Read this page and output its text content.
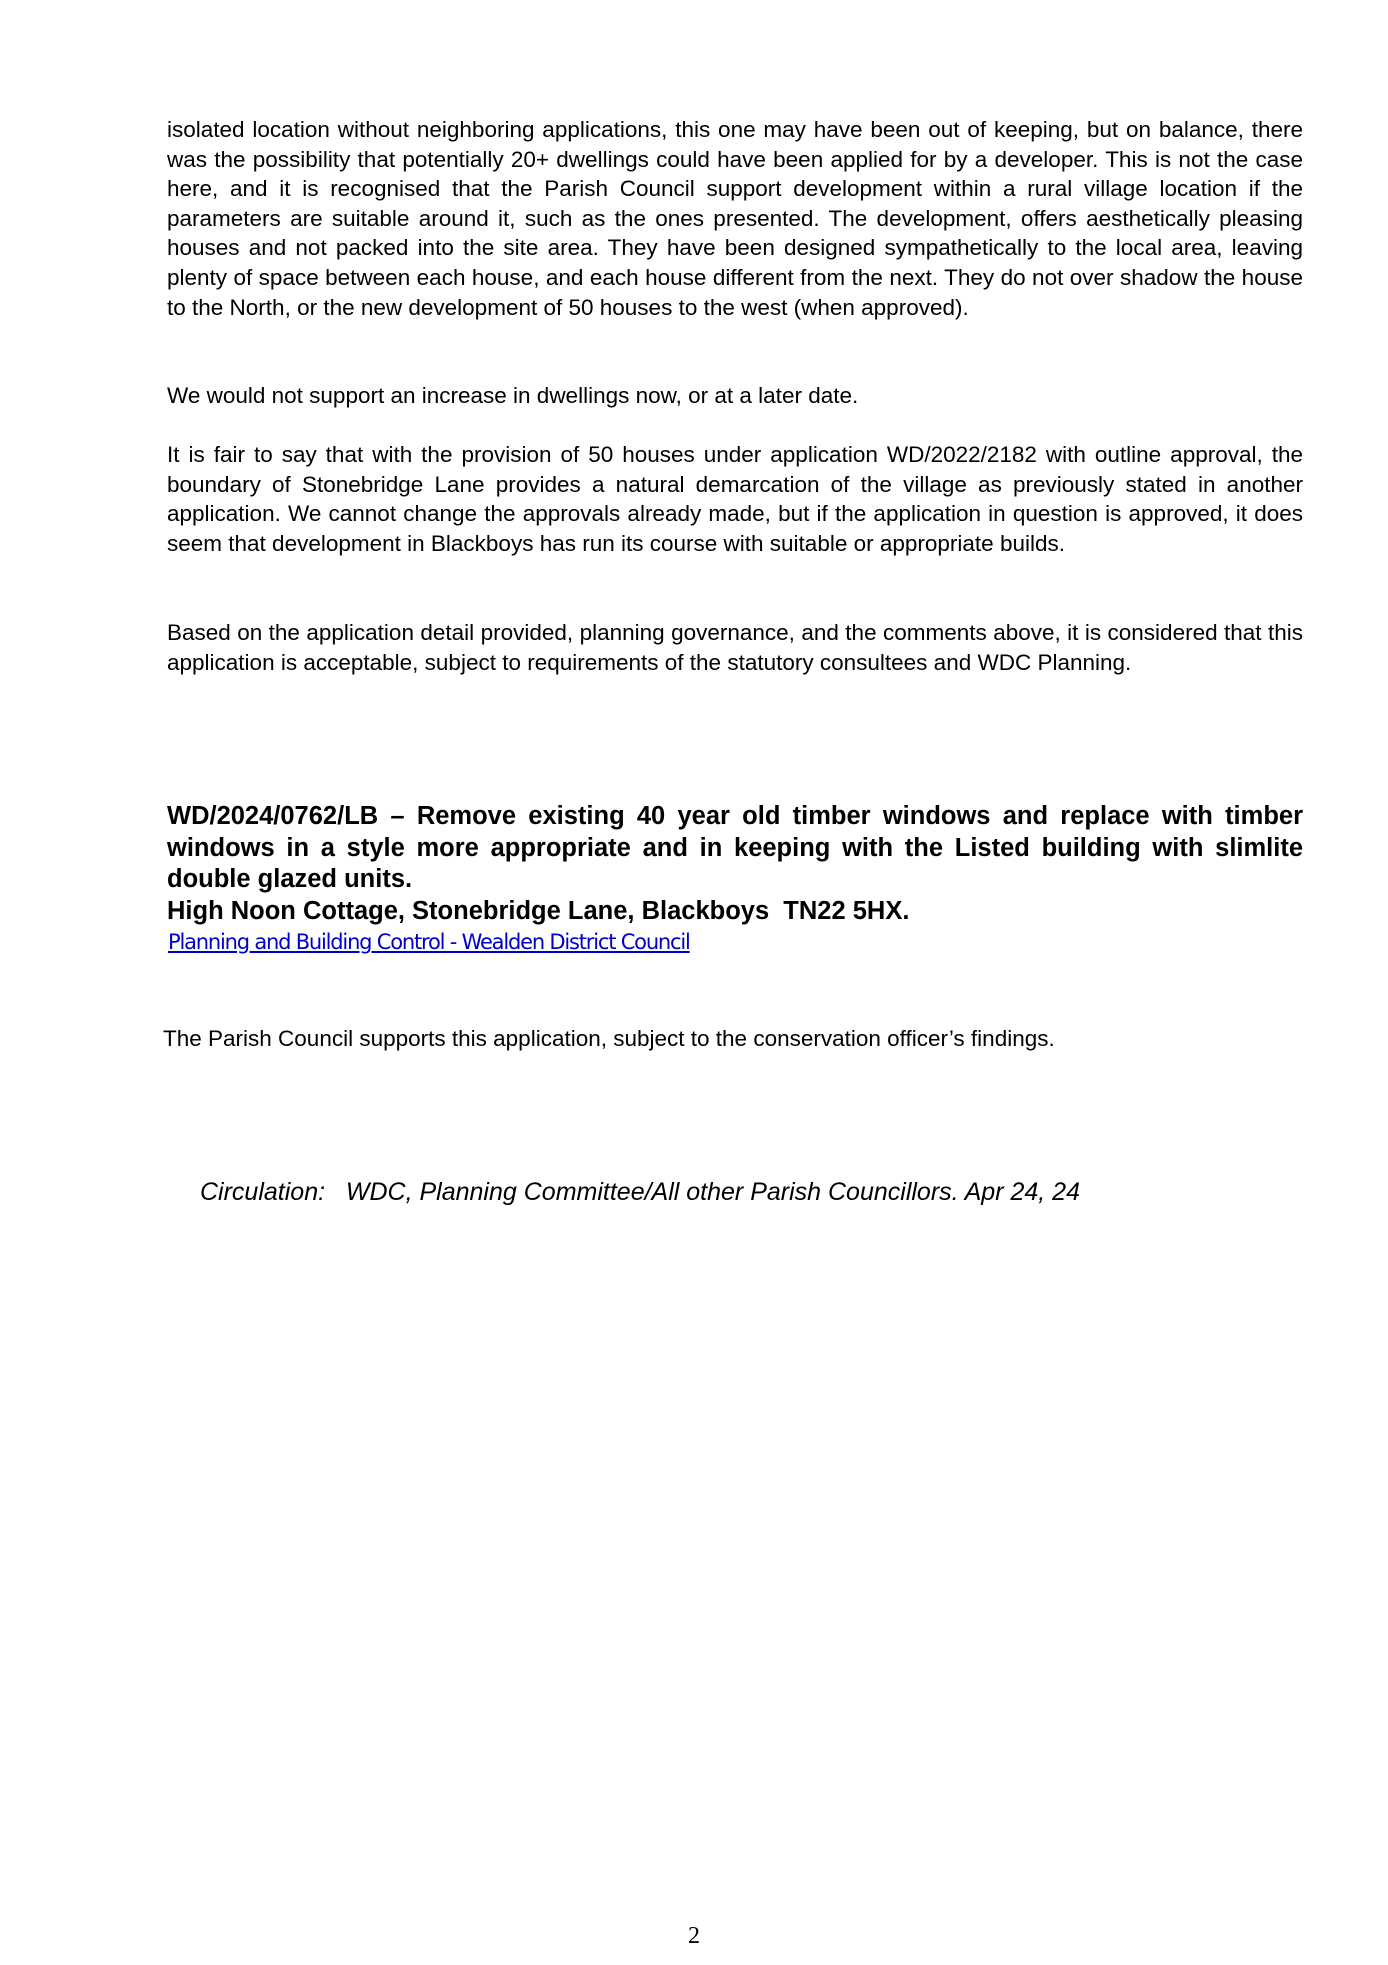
isolated location without neighboring applications, this one may have been out of keeping, but on balance, there was the possibility that potentially 20+ dwellings could have been applied for by a developer. This is not the case here, and it is recognised that the Parish Council support development within a rural village location if the parameters are suitable around it, such as the ones presented. The development, offers aesthetically pleasing houses and not packed into the site area. They have been designed sympathetically to the local area, leaving plenty of space between each house, and each house different from the next. They do not over shadow the house to the North, or the new development of 50 houses to the west (when approved).

We would not support an increase in dwellings now, or at a later date.

It is fair to say that with the provision of 50 houses under application WD/2022/2182 with outline approval, the boundary of Stonebridge Lane provides a natural demarcation of the village as previously stated in another application. We cannot change the approvals already made, but if the application in question is approved, it does seem that development in Blackboys has run its course with suitable or appropriate builds.

Based on the application detail provided, planning governance, and the comments above, it is considered that this application is acceptable, subject to requirements of the statutory consultees and WDC Planning.

WD/2024/0762/LB – Remove existing 40 year old timber windows and replace with timber windows in a style more appropriate and in keeping with the Listed building with slimlite double glazed units.

High Noon Cottage, Stonebridge Lane, Blackboys  TN22 5HX.

Planning and Building Control - Wealden District Council

The Parish Council supports this application, subject to the conservation officer’s findings.

Circulation:   WDC, Planning Committee/All other Parish Councillors. Apr 24, 24

2
